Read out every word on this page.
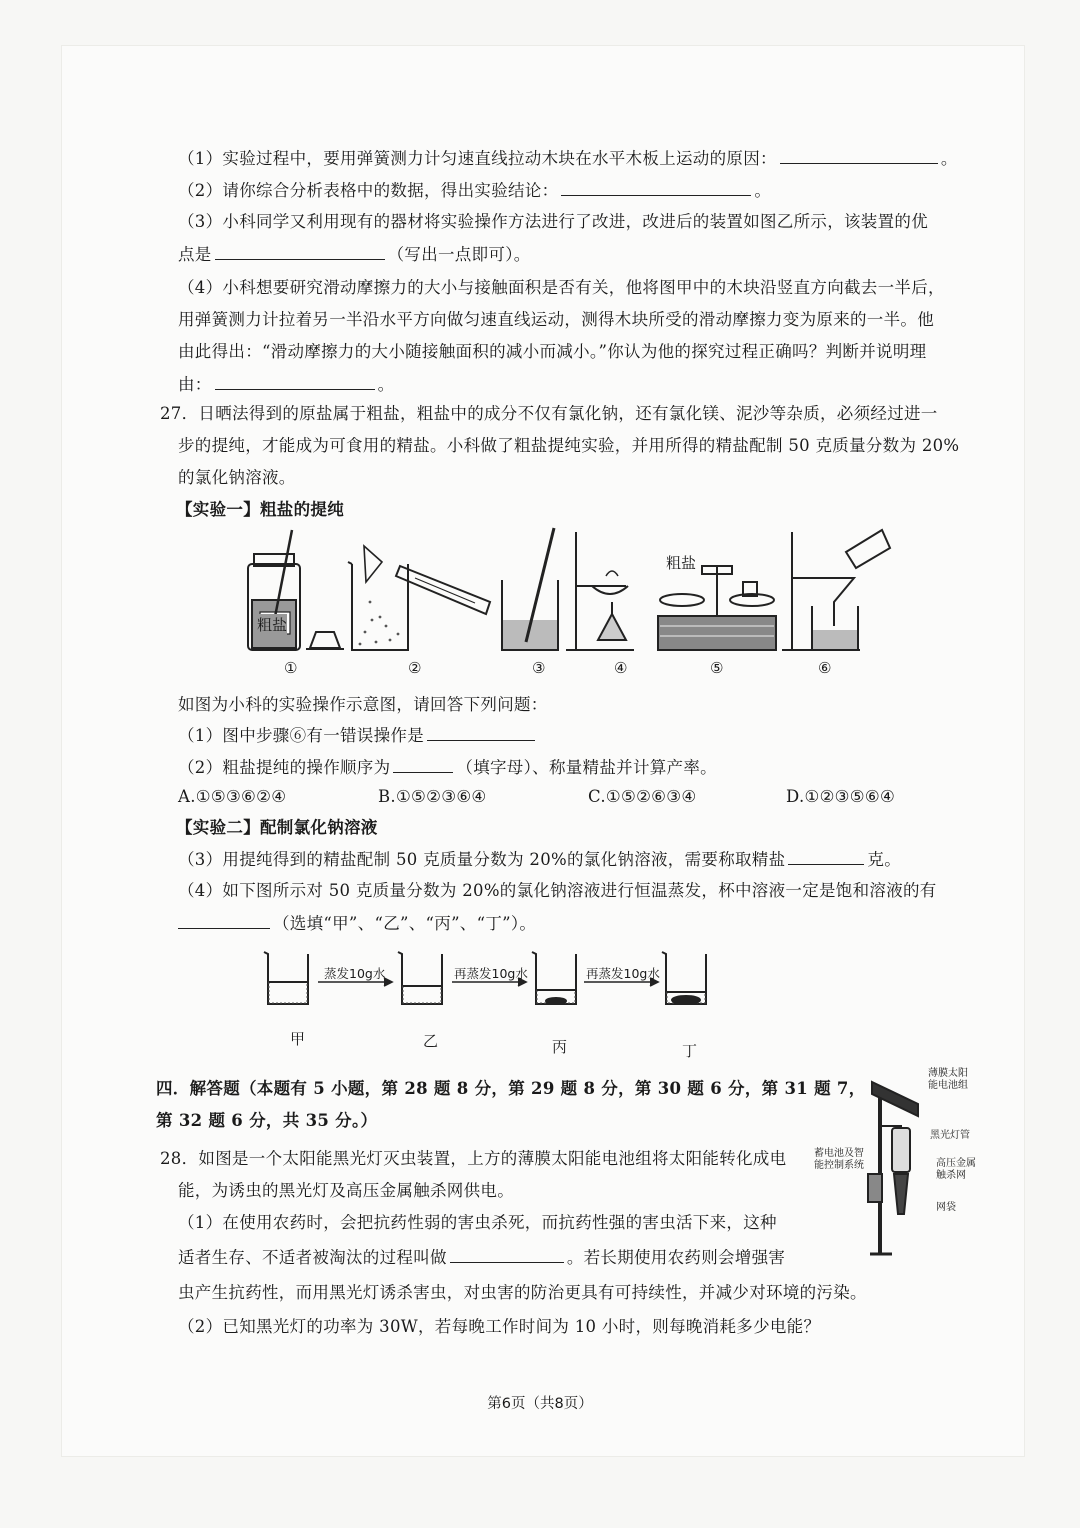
（1）实验过程中，要用弹簧测力计匀速直线拉动木块在水平木板上运动的原因：	。
（2）请你综合分析表格中的数据，得出实验结论：	。
（3）小科同学又利用现有的器材将实验操作方法进行了改进，改进后的装置如图乙所示，该装置的优
点是	（写出一点即可）。
（4）小科想要研究滑动摩擦力的大小与接触面积是否有关，他将图甲中的木块沿竖直方向截去一半后，
用弹簧测力计拉着另一半沿水平方向做匀速直线运动，测得木块所受的滑动摩擦力变为原来的一半。他
由此得出：“滑动摩擦力的大小随接触面积的减小而减小。”你认为他的探究过程正确吗？判断并说明理
由：	。
27．日晒法得到的原盐属于粗盐，粗盐中的成分不仅有氯化钠，还有氯化镁、泥沙等杂质，必须经过进一
步的提纯，才能成为可食用的精盐。小科做了粗盐提纯实验，并用所得的精盐配制 50 克质量分数为 20%
的氯化钠溶液。
【实验一】粗盐的提纯
粗盐
粗盐
①	②	③	④	⑤	⑥
如图为小科的实验操作示意图，请回答下列问题：
（1）图中步骤⑥有一错误操作是
（2）粗盐提纯的操作顺序为	（填字母）、称量精盐并计算产率。
A.①⑤③⑥②④	B.①⑤②③⑥④	C.①⑤②⑥③④	D.①②③⑤⑥④
【实验二】配制氯化钠溶液
（3）用提纯得到的精盐配制 50 克质量分数为 20%的氯化钠溶液，需要称取精盐	克。
（4）如下图所示对 50 克质量分数为 20%的氯化钠溶液进行恒温蒸发，杯中溶液一定是饱和溶液的有
（选填“甲”、“乙”、“丙”、“丁”）。
蒸发10g水	再蒸发10g水	再蒸发10g水
甲	乙	丙	丁
四．解答题（本题有 5 小题，第 28 题 8 分，第 29 题 8 分，第 30 题 6 分，第 31 题 7，
第 32 题 6 分，共 35 分。）
28．如图是一个太阳能黑光灯灭虫装置，上方的薄膜太阳能电池组将太阳能转化成电
能，为诱虫的黑光灯及高压金属触杀网供电。
（1）在使用农药时，会把抗药性弱的害虫杀死，而抗药性强的害虫活下来，这种
适者生存、不适者被淘汰的过程叫做	。若长期使用农药则会增强害
虫产生抗药性，而用黑光灯诱杀害虫，对虫害的防治更具有可持续性，并减少对环境的污染。
（2）已知黑光灯的功率为 30W，若每晚工作时间为 10 小时，则每晚消耗多少电能？
薄膜太阳
能电池组
黑光灯管
蓄电池及智
能控制系统	高压金属
触杀网
网袋
第6页（共8页）
